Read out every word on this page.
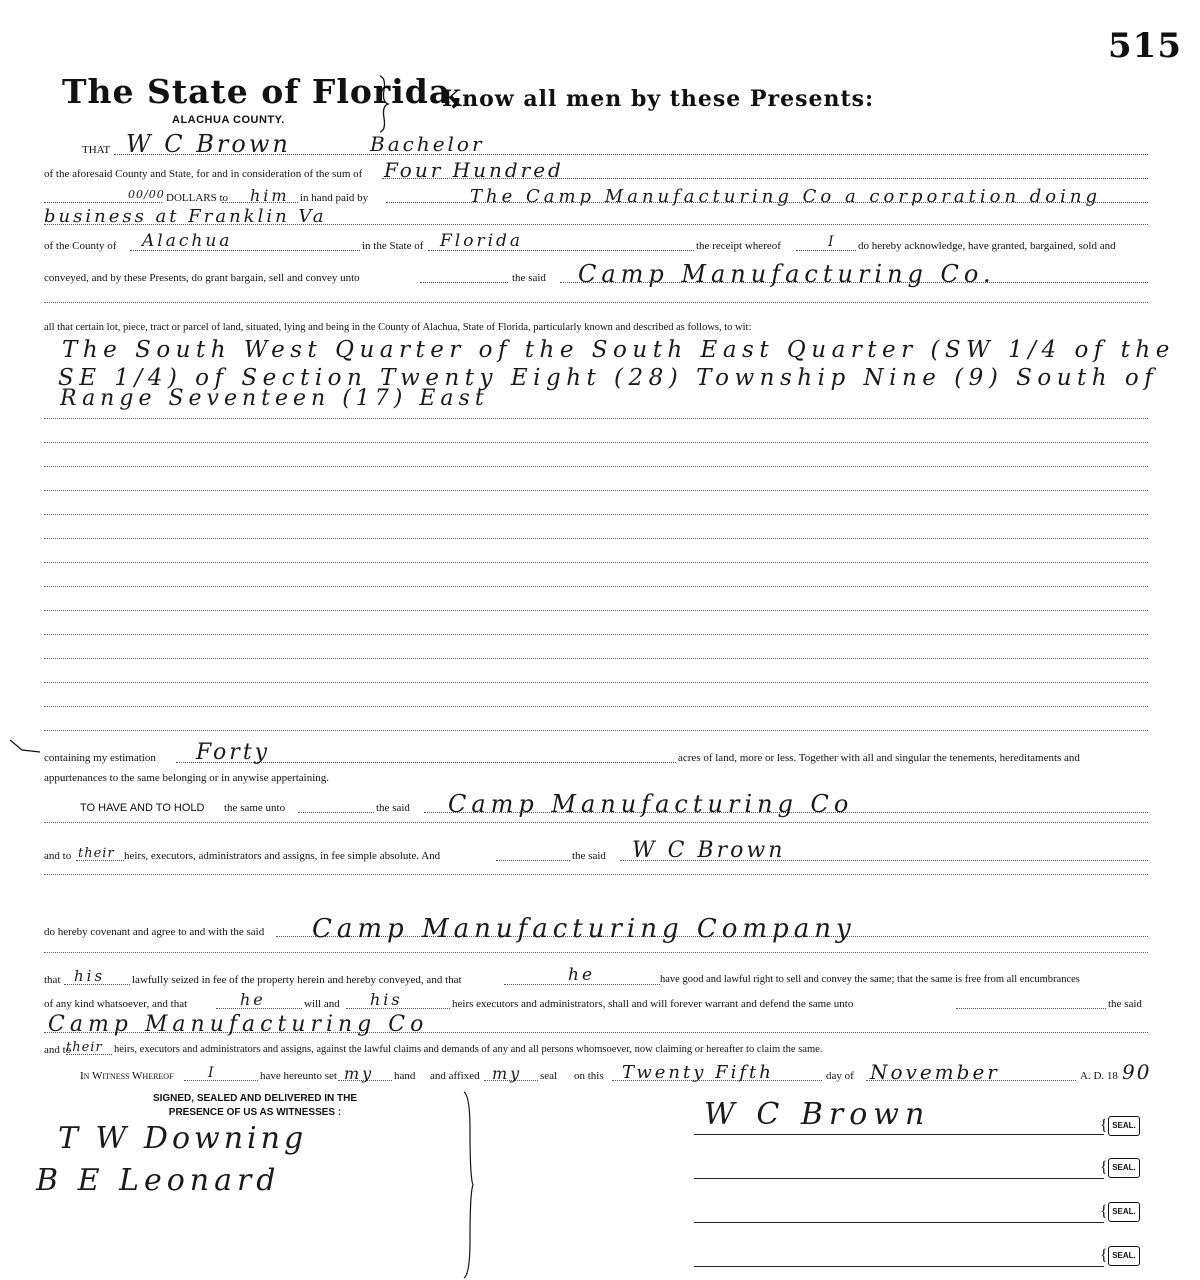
515
The State of Florida,
ALACHUA COUNTY.
Know all men by these Presents:
THAT W C Brown	Bachelor
of the aforesaid County and State, for and in consideration of the sum of Four Hundred
00/00 DOLLARS to him in hand paid by	The Camp Manufacturing Co a corporation doing
business at Franklin Va
of the County of Alachua	in the State of Florida	the receipt whereof	I do hereby acknowledge, have granted, bargained, sold and
conveyed, and by these Presents, do grant bargain, sell and convey unto	the said Camp Manufacturing Co.
all that certain lot, piece, tract or parcel of land, situated, lying and being in the County of Alachua, State of Florida, particularly known and described as follows, to wit:
The South West Quarter of the South East Quarter (SW 1/4 of the
SE 1/4) of Section Twenty Eight (28) Township Nine (9) South of
Range Seventeen (17) East
containing my estimation Forty	acres of land, more or less. Together with all and singular the tenements, hereditaments and
appurtenances to the same belonging or in anywise appertaining.
TO HAVE AND TO HOLD the same unto	the said Camp Manufacturing Co
and to their heirs, executors, administrators and assigns, in fee simple absolute. And	the said W C Brown
do hereby covenant and agree to and with the said Camp Manufacturing Company
that his lawfully seized in fee of the property herein and hereby conveyed, and that	he	have good and lawful right to sell and convey the same; that the same is free from all encumbrances
of any kind whatsoever, and that	he	will and his	heirs executors and administrators, shall and will forever warrant and defend the same unto	the said
Camp Manufacturing Co
and to
their heirs, executors and administrators and assigns, against the lawful claims and demands of any and all persons whomsoever, now claiming or hereafter to claim the same.
In Witness Whereof I	have hereunto set my hand and affixed my seal on this Twenty Fifth	day of November	A. D. 18 90
SIGNED, SEALED AND DELIVERED IN THE
PRESENCE OF US AS WITNESSES :
T W Downing
B E Leonard
W C Brown	{ SEAL.
{ SEAL.
{ SEAL.
{ SEAL.
